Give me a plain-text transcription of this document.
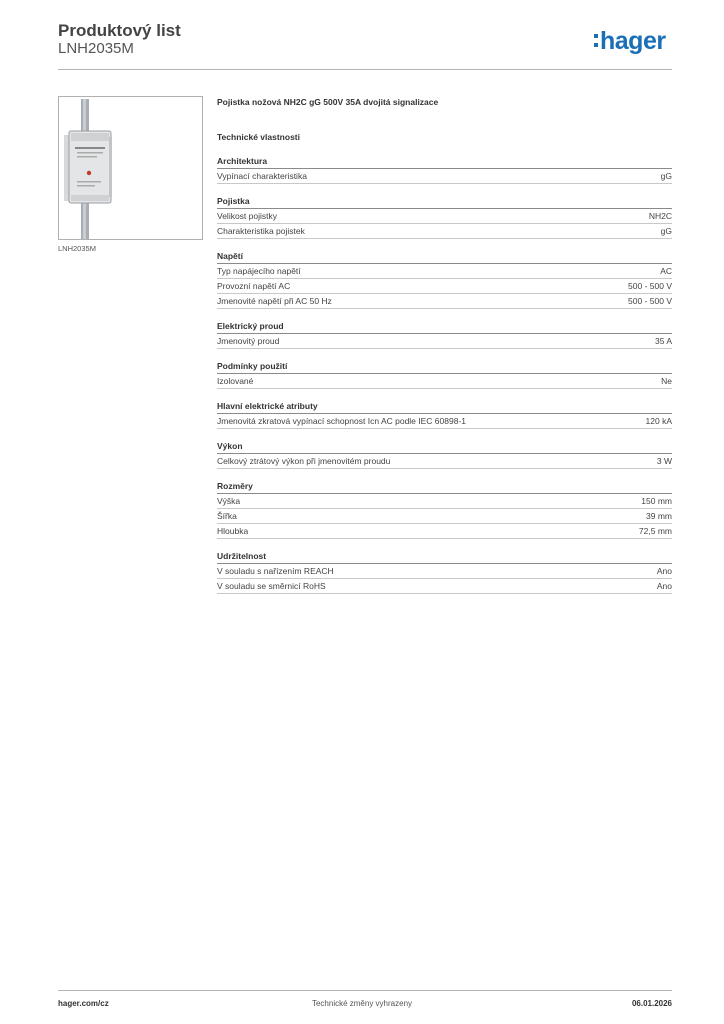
Produktový list
LNH2035M	hager
LNH2035M
Pojistka nožová NH2C gG 500V 35A dvojitá signalizace
Technické vlastnosti
Architektura
Vypínací charakteristika	gG
Pojistka
Velikost pojistky	NH2C
Charakteristika pojistek	gG
Napětí
Typ napájecího napětí	AC
Provozní napětí AC	500 - 500 V
Jmenovité napětí při AC 50 Hz	500 - 500 V
Elektrický proud
Jmenovitý proud	35 A
Podmínky použití
Izolované	Ne
Hlavní elektrické atributy
Jmenovitá zkratová vypínací schopnost Icn AC podle IEC 60898-1	120 kA
Výkon
Celkový ztrátový výkon při jmenovitém proudu	3 W
Rozměry
Výška	150 mm
Šířka	39 mm
Hloubka	72,5 mm
Udržitelnost
V souladu s nařízením REACH	Ano
V souladu se směrnicí RoHS	Ano
hager.com/cz	Technické změny vyhrazeny	06.01.2026
